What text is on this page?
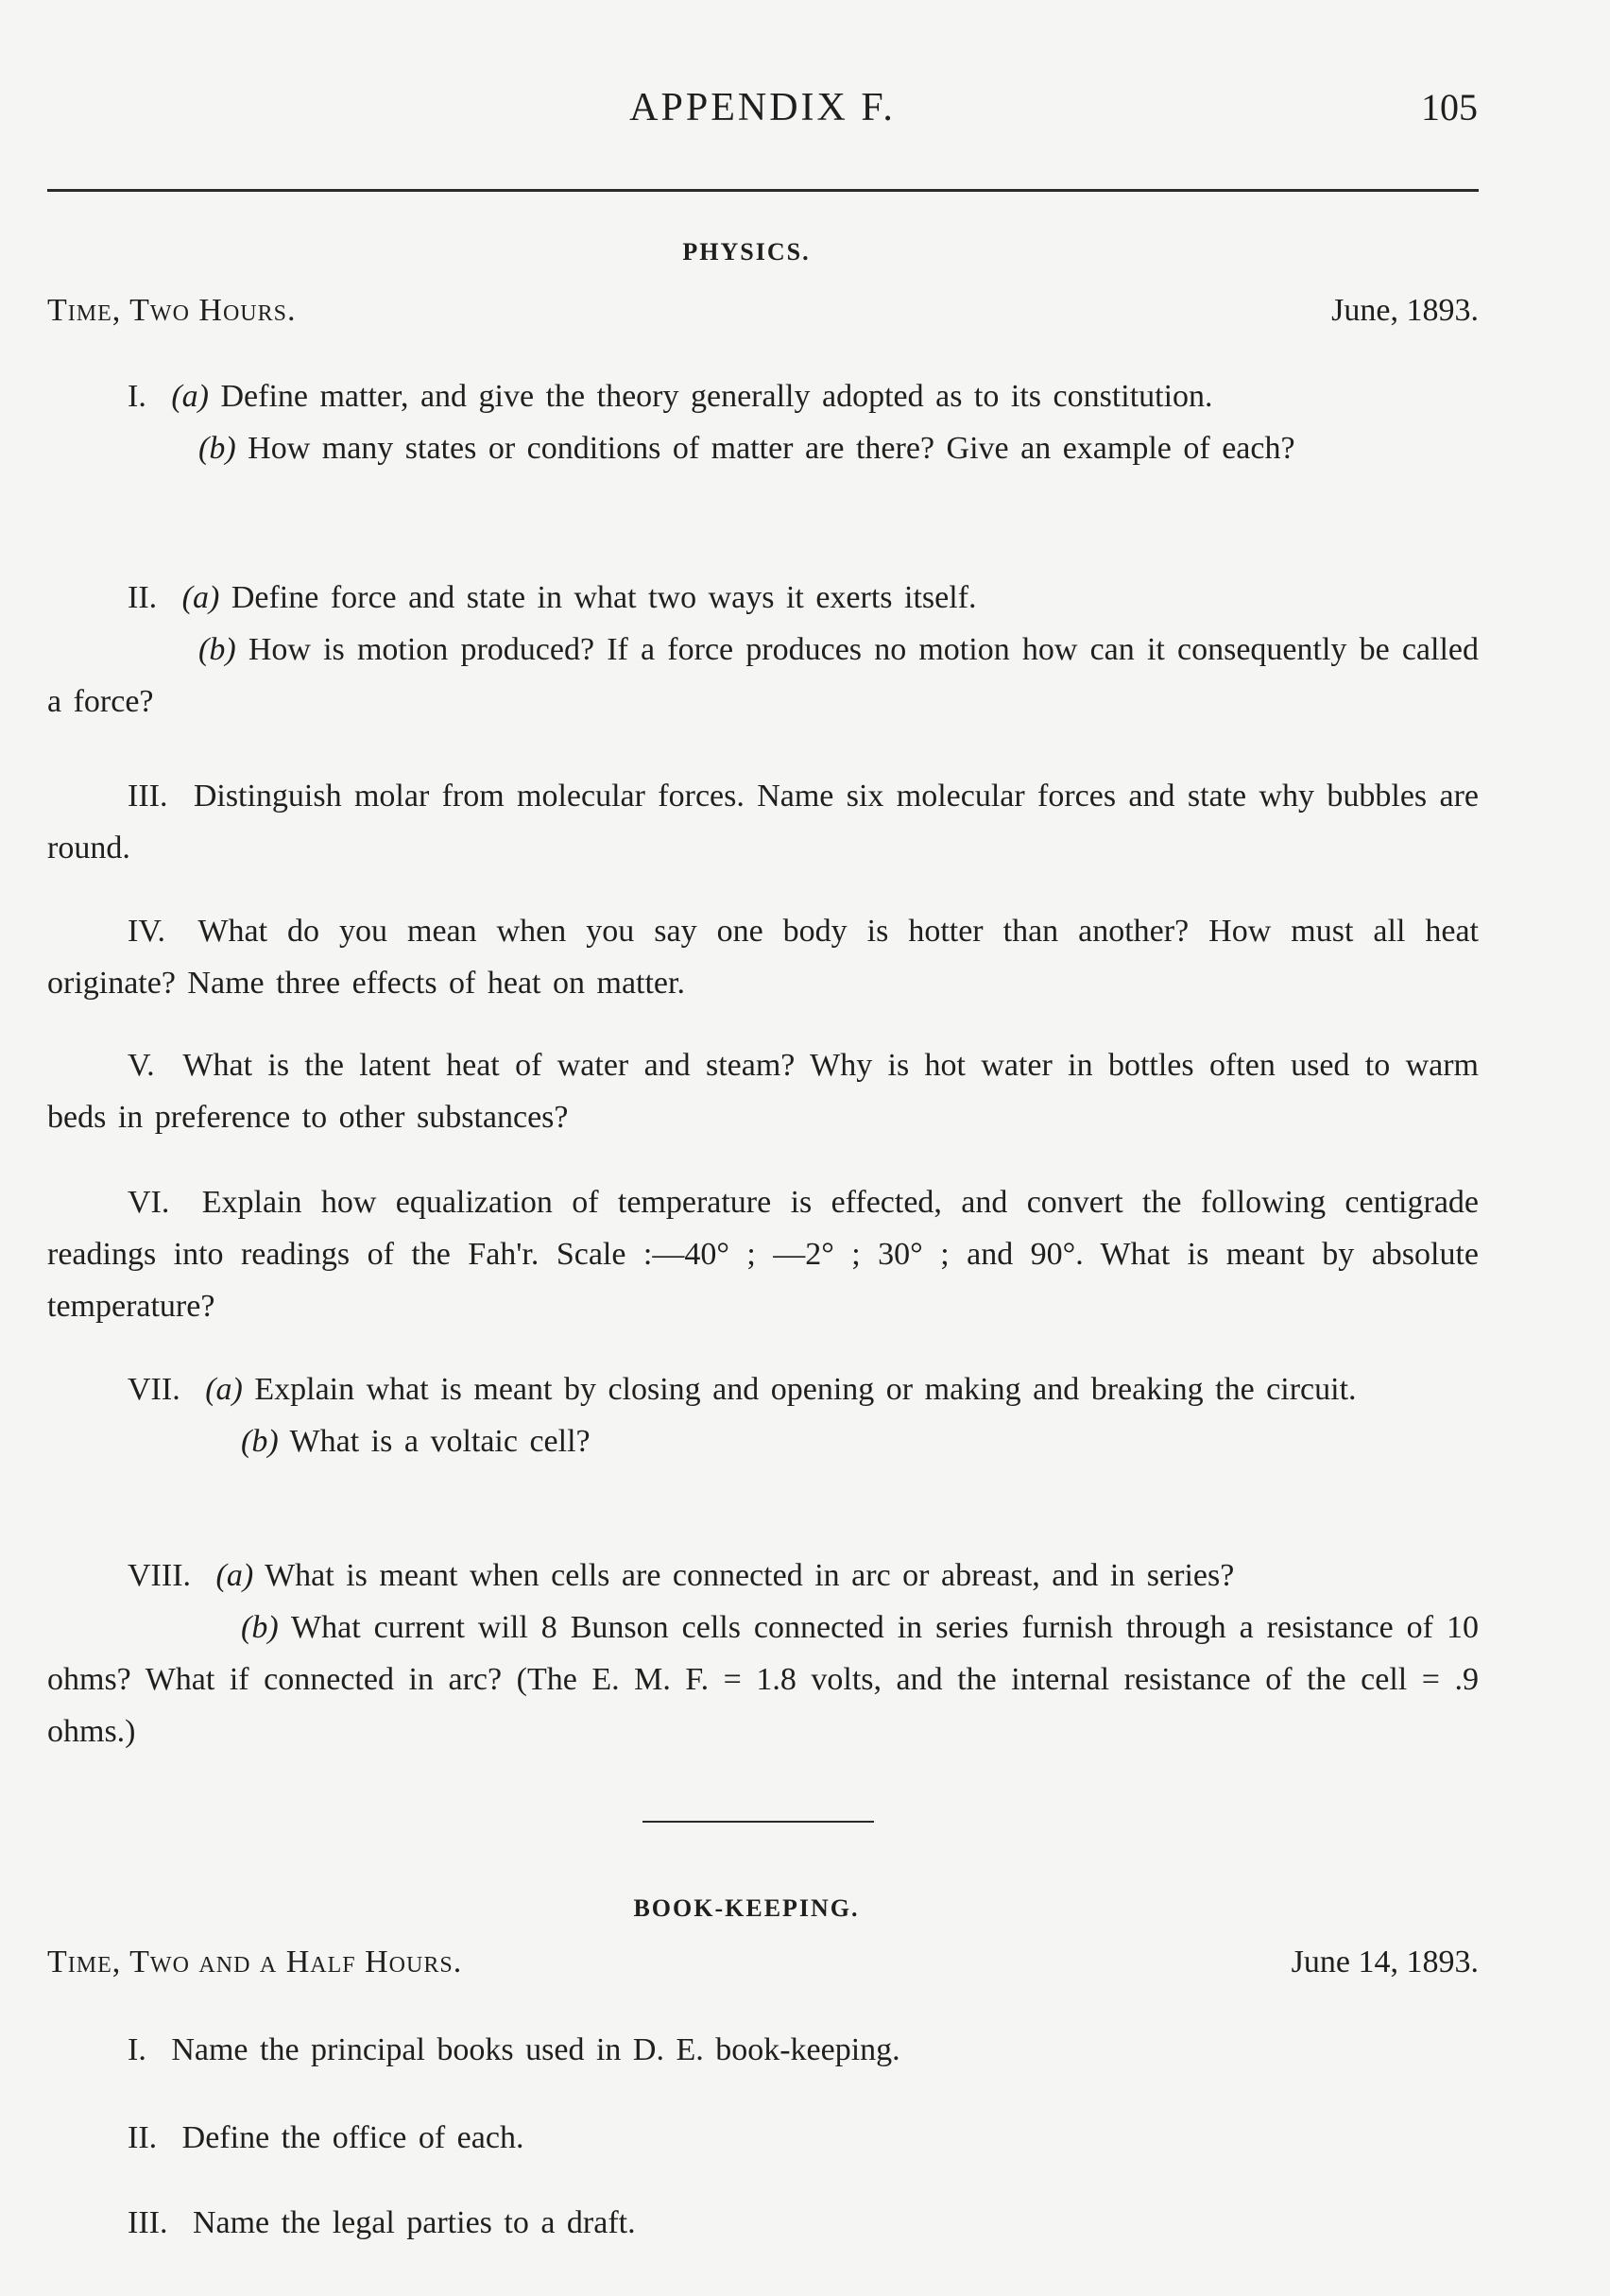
APPENDIX F.	105
PHYSICS.
Time, Two Hours.	June, 1893.
I. (a) Define matter, and give the theory generally adopted as to its constitution.
(b) How many states or conditions of matter are there? Give an example of each?
II. (a) Define force and state in what two ways it exerts itself.
(b) How is motion produced? If a force produces no motion how can it consequently be called a force?
III. Distinguish molar from molecular forces. Name six molecular forces and state why bubbles are round.
IV. What do you mean when you say one body is hotter than another? How must all heat originate? Name three effects of heat on matter.
V. What is the latent heat of water and steam? Why is hot water in bottles often used to warm beds in preference to other substances?
VI. Explain how equalization of temperature is effected, and convert the following centigrade readings into readings of the Fah'r. Scale :—40° ; —2° ; 30° ; and 90°. What is meant by absolute temperature?
VII. (a) Explain what is meant by closing and opening or making and breaking the circuit.
(b) What is a voltaic cell?
VIII. (a) What is meant when cells are connected in arc or abreast, and in series?
(b) What current will 8 Bunson cells connected in series furnish through a resistance of 10 ohms? What if connected in arc? (The E. M. F. = 1.8 volts, and the internal resistance of the cell = .9 ohms.)
BOOK-KEEPING.
Time, Two and a Half Hours.	June 14, 1893.
I. Name the principal books used in D. E. book-keeping.
II. Define the office of each.
III. Name the legal parties to a draft.
